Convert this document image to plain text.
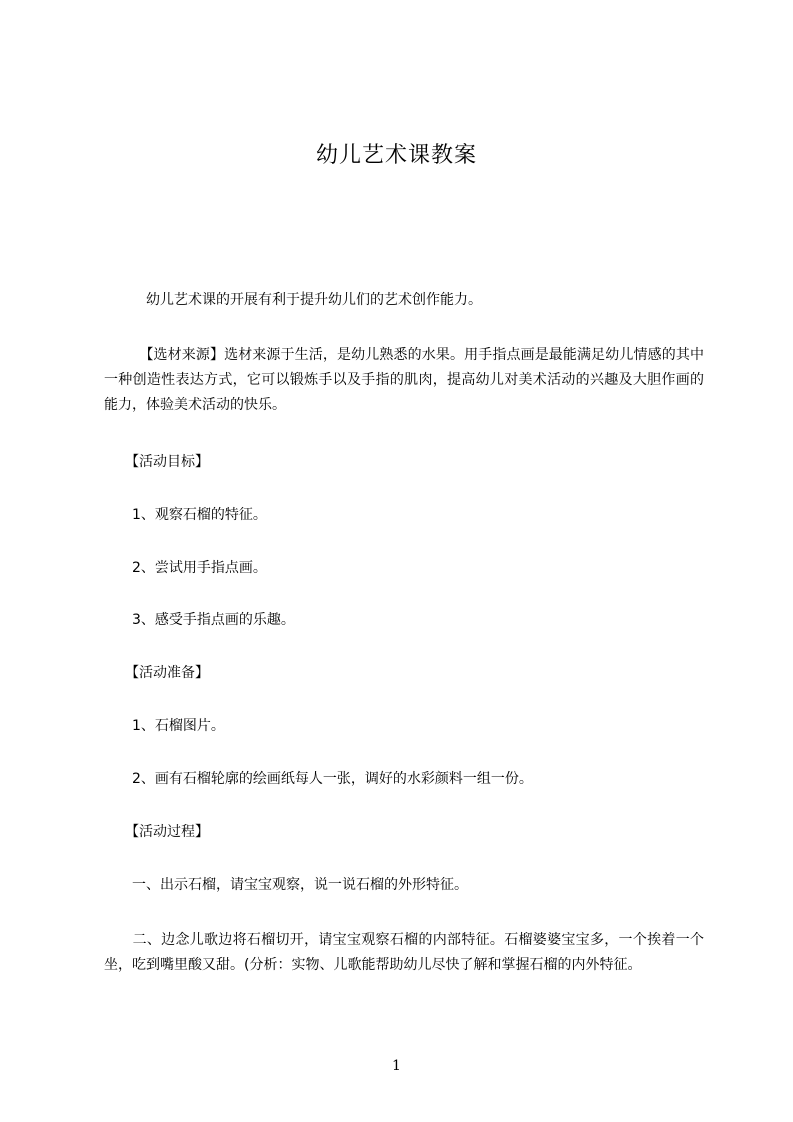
幼儿艺术课教案

　　　幼儿艺术课的开展有利于提升幼儿们的艺术创作能力。

　　　【选材来源】选材来源于生活，是幼儿熟悉的水果。用手指点画是最能满足幼儿情感的其中一种创造性表达方式，它可以锻炼手以及手指的肌肉，提高幼儿对美术活动的兴趣及大胆作画的能力，体验美术活动的快乐。

　　【活动目标】

　　1、观察石榴的特征。

　　2、尝试用手指点画。

　　3、感受手指点画的乐趣。

　　【活动准备】

　　1、石榴图片。

　　2、画有石榴轮廓的绘画纸每人一张，调好的水彩颜料一组一份。

　　【活动过程】

　　一、出示石榴，请宝宝观察，说一说石榴的外形特征。

　　二、边念儿歌边将石榴切开，请宝宝观察石榴的内部特征。石榴婆婆宝宝多，一个挨着一个坐，吃到嘴里酸又甜。(分析：实物、儿歌能帮助幼儿尽快了解和掌握石榴的内外特征。

1
